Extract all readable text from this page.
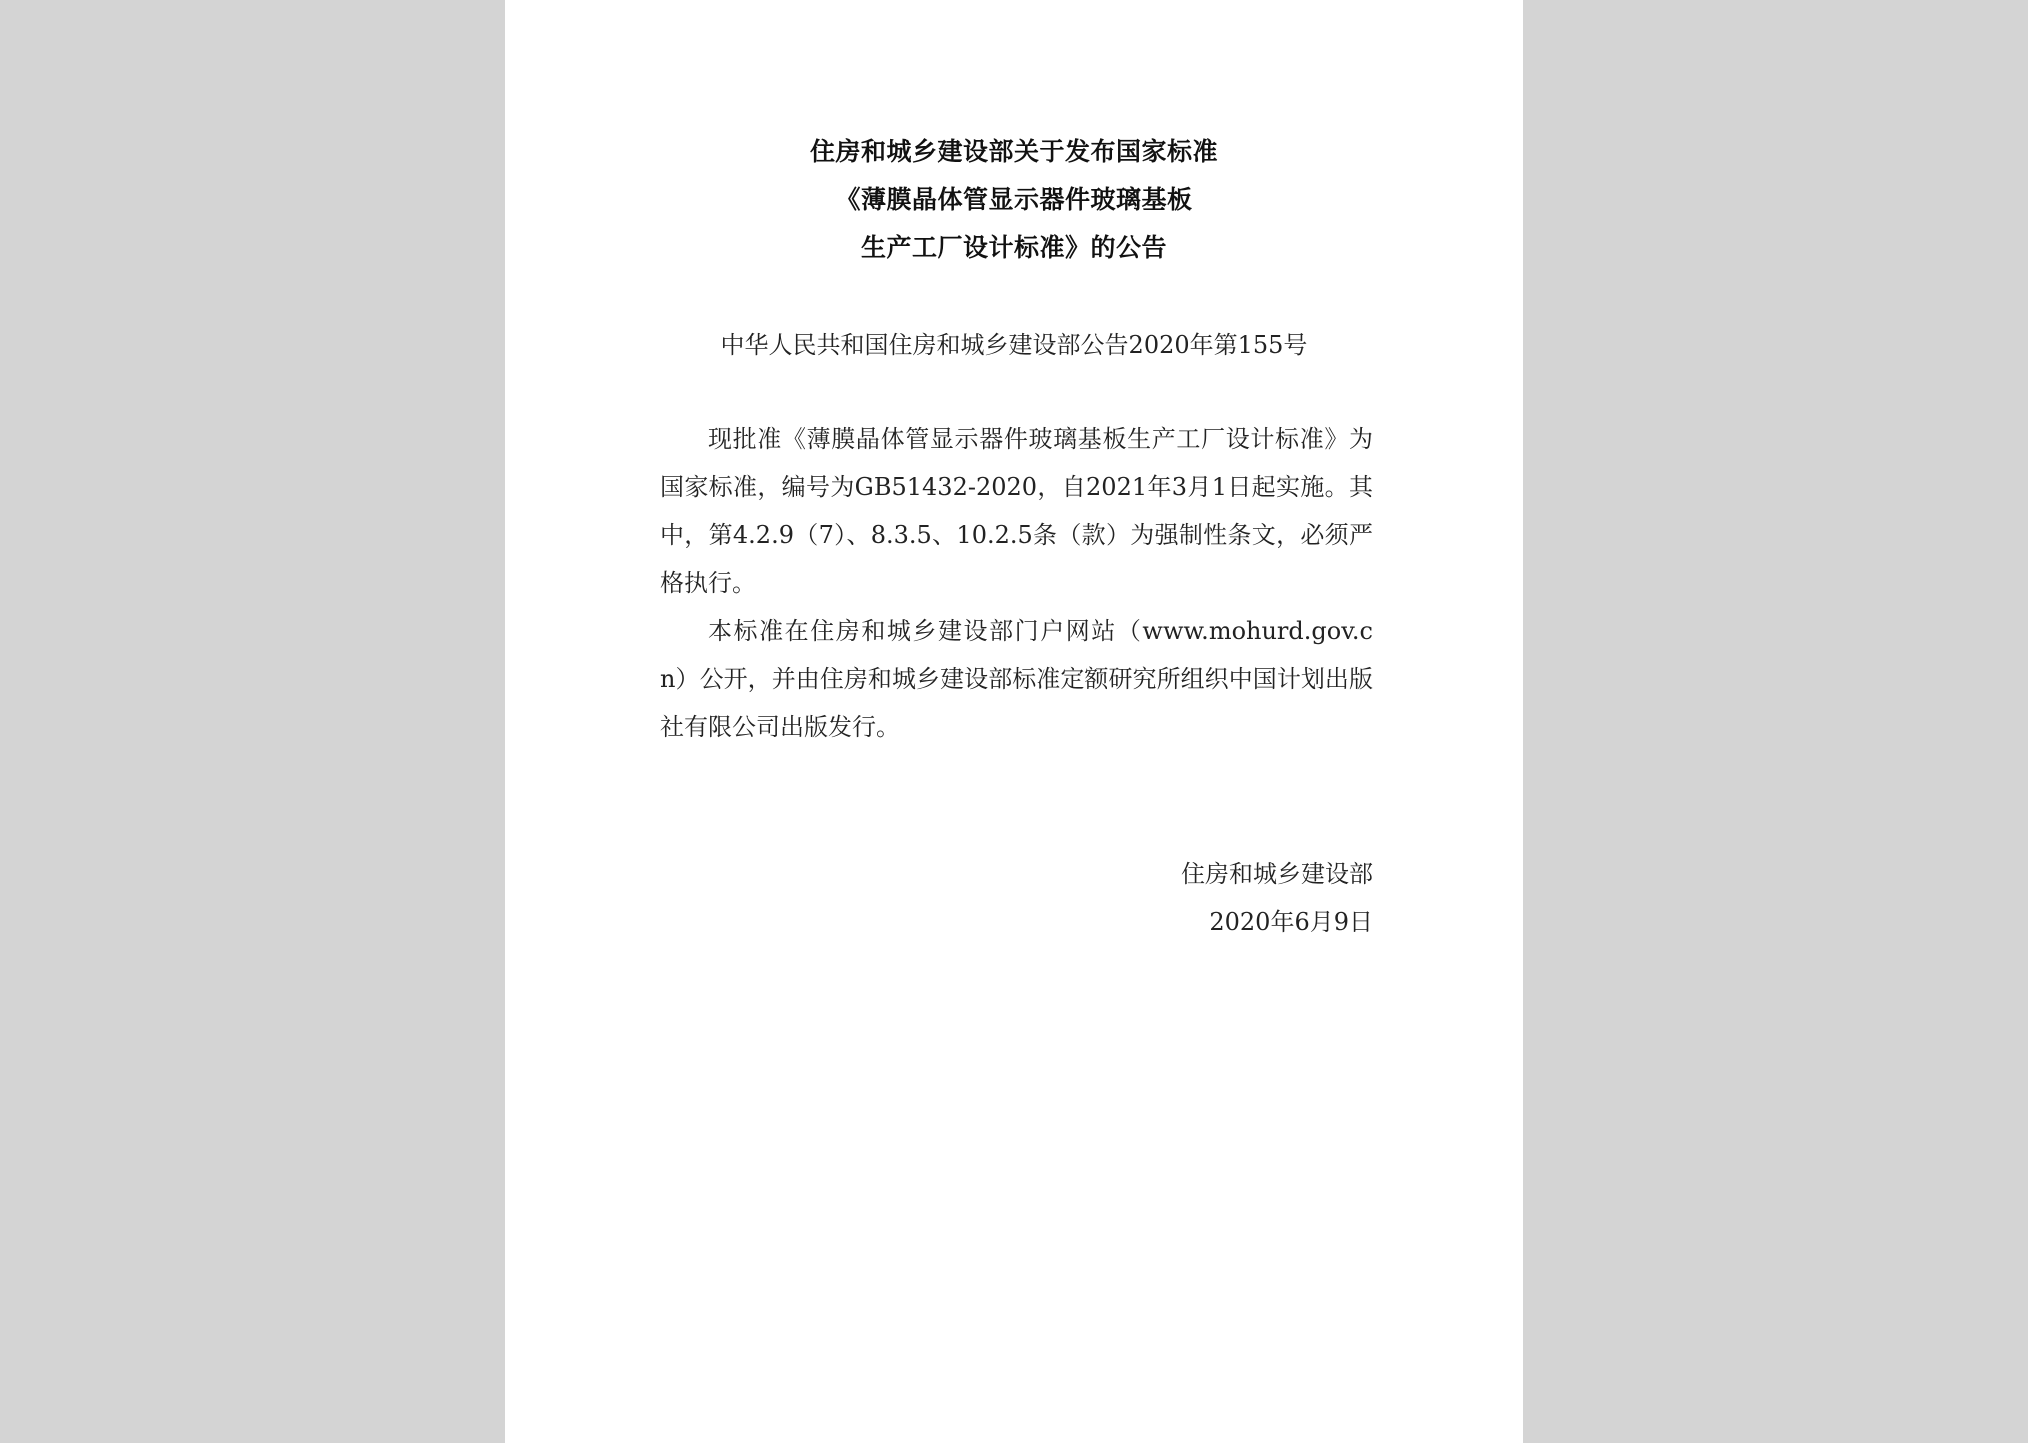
住房和城乡建设部关于发布国家标准
《薄膜晶体管显示器件玻璃基板
生产工厂设计标准》的公告
中华人民共和国住房和城乡建设部公告2020年第155号

现批准《薄膜晶体管显示器件玻璃基板生产工厂设计标准》为国家标准，编号为GB51432-2020，自2021年3月1日起实施。其中，第4.2.9（7）、8.3.5、10.2.5条（款）为强制性条文，必须严格执行。

本标准在住房和城乡建设部门户网站（www.mohurd.gov.cn）公开，并由住房和城乡建设部标准定额研究所组织中国计划出版社有限公司出版发行。

住房和城乡建设部
2020年6月9日
